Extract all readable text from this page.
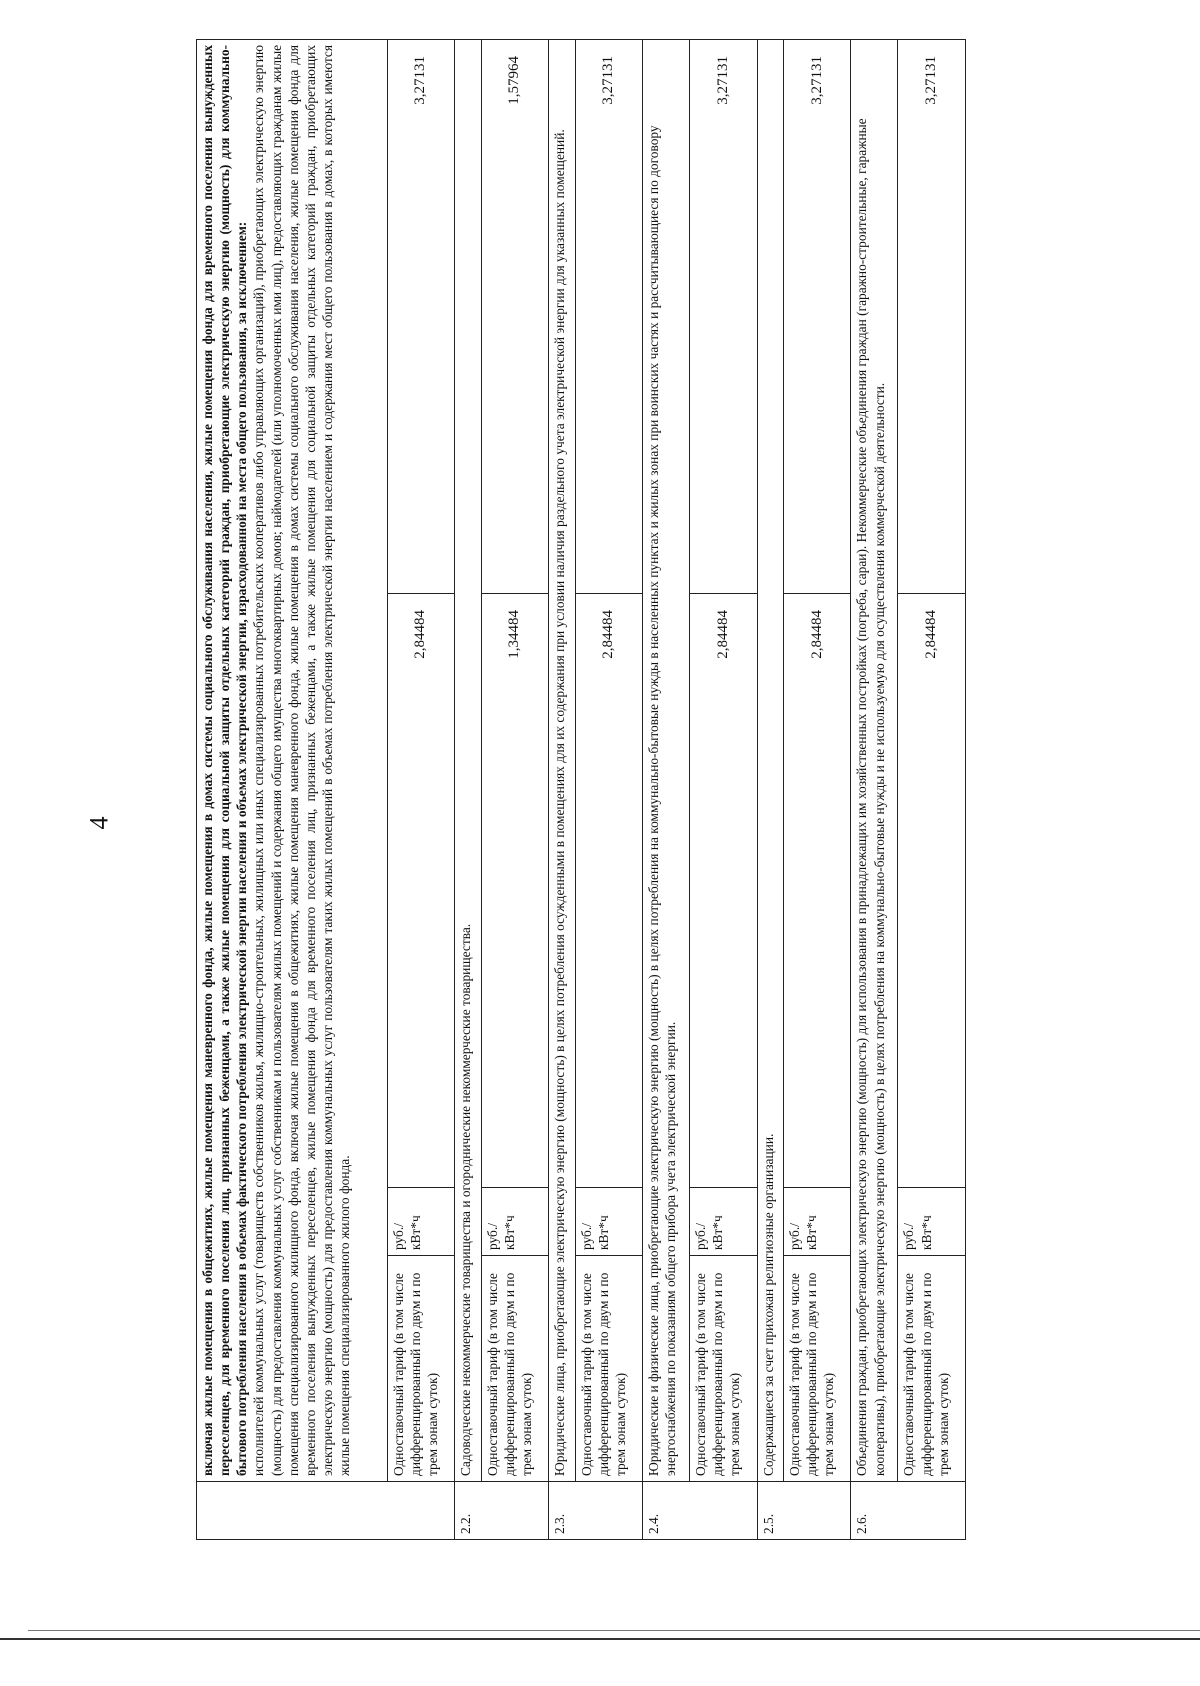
4

	включая жилые помещения в общежитиях, жилые помещения маневренного фонда, жилые помещения в домах системы социального обслуживания населения, жилые помещения фонда для временного поселения вынужденных переселенцев, для временного поселения лиц, признанных беженцами, а также жилые помещения для социальной защиты отдельных категорий граждан, приобретающие электрическую энергию (мощность) для коммунально-бытового потребления населения в объемах фактического потребления электрической энергии населения и объемах электрической энергии, израсходованной на места общего пользования, за исключением: исполнителей коммунальных услуг (товариществ собственников жилья, жилищно-строительных, жилищных или иных специализированных потребительских кооперативов либо управляющих организаций), приобретающих электрическую энергию (мощность) для предоставления коммунальных услуг собственникам и пользователям жилых помещений и содержания общего имущества многоквартирных домов; наймодателей (или уполномоченных ими лиц), предоставляющих гражданам жилые помещения специализированного жилищного фонда, включая жилые помещения в общежитиях, жилые помещения маневренного фонда, жилые помещения в домах системы социального обслуживания населения, жилые помещения фонда для временного поселения вынужденных переселенцев, жилые помещения фонда для временного поселения лиц, признанных беженцами, а также жилые помещения для социальной защиты отдельных категорий граждан, приобретающих электрическую энергию (мощность) для предоставления коммунальных услуг пользователям таких жилых помещений в объемах потребления электрической энергии населением и содержания мест общего пользования в домах, в которых имеются жилые помещения специализированного жилого фонда.			

	Одноставочный тариф (в том числе дифференцированный по двум и по трем зонам суток)	руб./кВт*ч	2,84484	3,27131
2.2.	Садоводческие некоммерческие товарищества и огороднические некоммерческие товарищества.			
	Одноставочный тариф (в том числе дифференцированный по двум и по трем зонам суток)	руб./кВт*ч	1,34484	1,57964
2.3.	Юридические лица, приобретающие электрическую энергию (мощность) в целях потребления осужденными в помещениях для их содержания при условии наличия раздельного учета электрической энергии для указанных помещений.			
	Одноставочный тариф (в том числе дифференцированный по двум и по трем зонам суток)	руб./кВт*ч	2,84484	3,27131
2.4.	Юридические и физические лица, приобретающие электрическую энергию (мощность) в целях потребления на коммунально-бытовые нужды в населенных пунктах и жилых зонах при воинских частях и рассчитывающиеся по договору энергоснабжения по показаниям общего прибора учета электрической энергии.			
	Одноставочный тариф (в том числе дифференцированный по двум и по трем зонам суток)	руб./кВт*ч	2,84484	3,27131
2.5.	Содержащиеся за счет прихожан религиозные организации.			
	Одноставочный тариф (в том числе дифференцированный по двум и по трем зонам суток)	руб./кВт*ч	2,84484	3,27131
2.6.	Объединения граждан, приобретающих электрическую энергию (мощность) для использования в принадлежащих им хозяйственных постройках (погреба, сараи). Некоммерческие объединения граждан (гаражно-строительные, гаражные кооперативы), приобретающие электрическую энергию (мощность) в целях потребления на коммунально-бытовые нужды и не используемую для осуществления коммерческой деятельности.			
	Одноставочный тариф (в том числе дифференцированный по двум и по трем зонам суток)	руб./кВт*ч	2,84484	3,27131
